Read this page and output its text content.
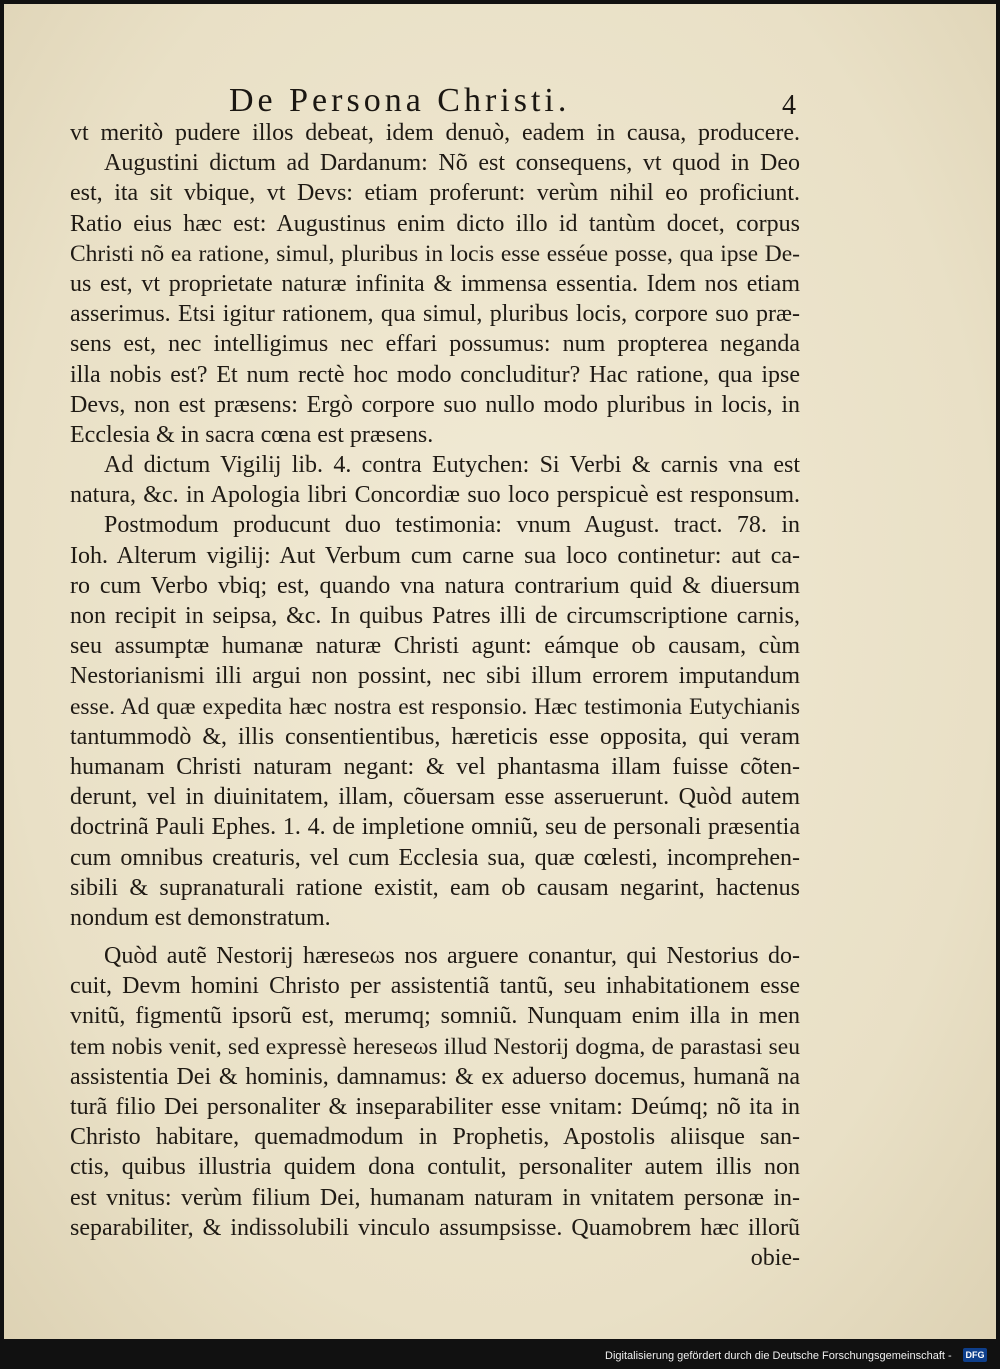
De Persona Christi.	4
vt meritò pudere illos debeat, idem denuò, eadem in causa, producere.
Augustini dictum ad Dardanum: Nõ est consequens, vt quod in Deo
est, ita sit vbique, vt Devs: etiam proferunt: verùm nihil eo proficiunt.
Ratio eius hæc est: Augustinus enim dicto illo id tantùm docet, corpus
Christi nõ ea ratione, simul, pluribus in locis esse esséue posse, qua ipse De-
us est, vt proprietate naturæ infinita & immensa essentia. Idem nos etiam
asserimus. Etsi igitur rationem, qua simul, pluribus locis, corpore suo præ-
sens est, nec intelligimus nec effari possumus: num propterea neganda
illa nobis est? Et num rectè hoc modo concluditur? Hac ratione, qua ipse
Devs, non est præsens: Ergò corpore suo nullo modo pluribus in locis, in
Ecclesia & in sacra cœna est præsens.
Ad dictum Vigilij lib. 4. contra Eutychen: Si Verbi & carnis vna est
natura, &c. in Apologia libri Concordiæ suo loco perspicuè est responsum.
Postmodum producunt duo testimonia: vnum August. tract. 78. in
Ioh. Alterum vigilij: Aut Verbum cum carne sua loco continetur: aut ca-
ro cum Verbo vbiq; est, quando vna natura contrarium quid & diuersum
non recipit in seipsa, &c. In quibus Patres illi de circumscriptione carnis,
seu assumptæ humanæ naturæ Christi agunt: eámque ob causam, cùm
Nestorianismi illi argui non possint, nec sibi illum errorem imputandum
esse. Ad quæ expedita hæc nostra est responsio. Hæc testimonia Eutychianis
tantummodò &, illis consentientibus, hæreticis esse opposita, qui veram
humanam Christi naturam negant: & vel phantasma illam fuisse cõten-
derunt, vel in diuinitatem, illam, cõuersam esse asseruerunt. Quòd autem
doctrinã Pauli Ephes. 1. 4. de impletione omniũ, seu de personali præsentia
cum omnibus creaturis, vel cum Ecclesia sua, quæ cœlesti, incomprehen-
sibili & supranaturali ratione existit, eam ob causam negarint, hactenus
nondum est demonstratum.
Quòd autẽ Nestorij hæreseωs nos arguere conantur, qui Nestorius do-
cuit, Devm homini Christo per assistentiã tantũ, seu inhabitationem esse
vnitũ, figmentũ ipsorũ est, merumq; somniũ. Nunquam enim illa in men
tem nobis venit, sed expressè hereseωs illud Nestorij dogma, de parastasi seu
assistentia Dei & hominis, damnamus: & ex aduerso docemus, humanã na
turã filio Dei personaliter & inseparabiliter esse vnitam: Deúmq; nõ ita in
Christo habitare, quemadmodum in Prophetis, Apostolis aliisque san-
ctis, quibus illustria quidem dona contulit, personaliter autem illis non
est vnitus: verùm filium Dei, humanam naturam in vnitatem personæ in-
separabiliter, & indissolubili vinculo assumpsisse. Quamobrem hæc illorũ
obie-
Digitalisierung gefördert durch die Deutsche Forschungsgemeinschaft - DFG
